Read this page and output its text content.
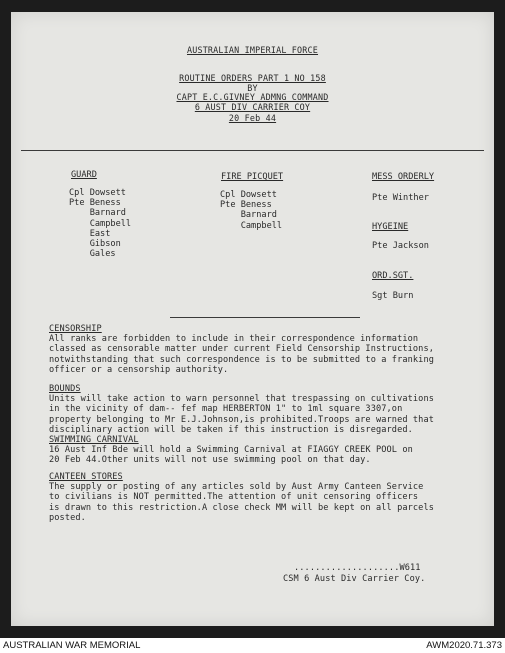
AUSTRALIAN IMPERIAL FORCE
ROUTINE ORDERS PART 1 NO 158
BY
CAPT E.C.GIVNEY ADMNG COMMAND
6 AUST DIV CARRIER COY
20 Feb 44
GUARD
Cpl Dowsett
Pte Beness
Barnard
Campbell
East
Gibson
Gales
FIRE PICQUET
Cpl Dowsett
Pte Beness
Barnard
Campbell
MESS ORDERLY
Pte Winther
HYGEINE
Pte Jackson
ORD.SGT.
Sgt Burn

CENSORSHIP

All ranks are forbidden to include in their correspondence information

classed as censorable matter under current Field Censorship Instructions,

notwithstanding that such correspondence is to be submitted to a franking

officer or a censorship authority.

BOUNDS

Units will take action to warn personnel that trespassing on cultivations

in the vicinity of dam-- fef map HERBERTON 1" to 1ml square 3307,on

property belonging to Mr E.J.Johnson,is prohibited.Troops are warned that

disciplinary action will be taken if this instruction is disregarded.

SWIMMING CARNIVAL

16 Aust Inf Bde will hold a Swimming Carnival at FIAGGY CREEK POOL on

20 Feb 44.Other units will not use swimming pool on that day.

CANTEEN STORES

The supply or posting of any articles sold by Aust Army Canteen Service

to civilians is NOT permitted.The attention of unit censoring officers

is drawn to this restriction.A close check MM will be kept on all parcels

posted.

....................W611
CSM 6 Aust Div Carrier Coy.
AUSTRALIAN WAR MEMORIAL	AWM2020.71.373
